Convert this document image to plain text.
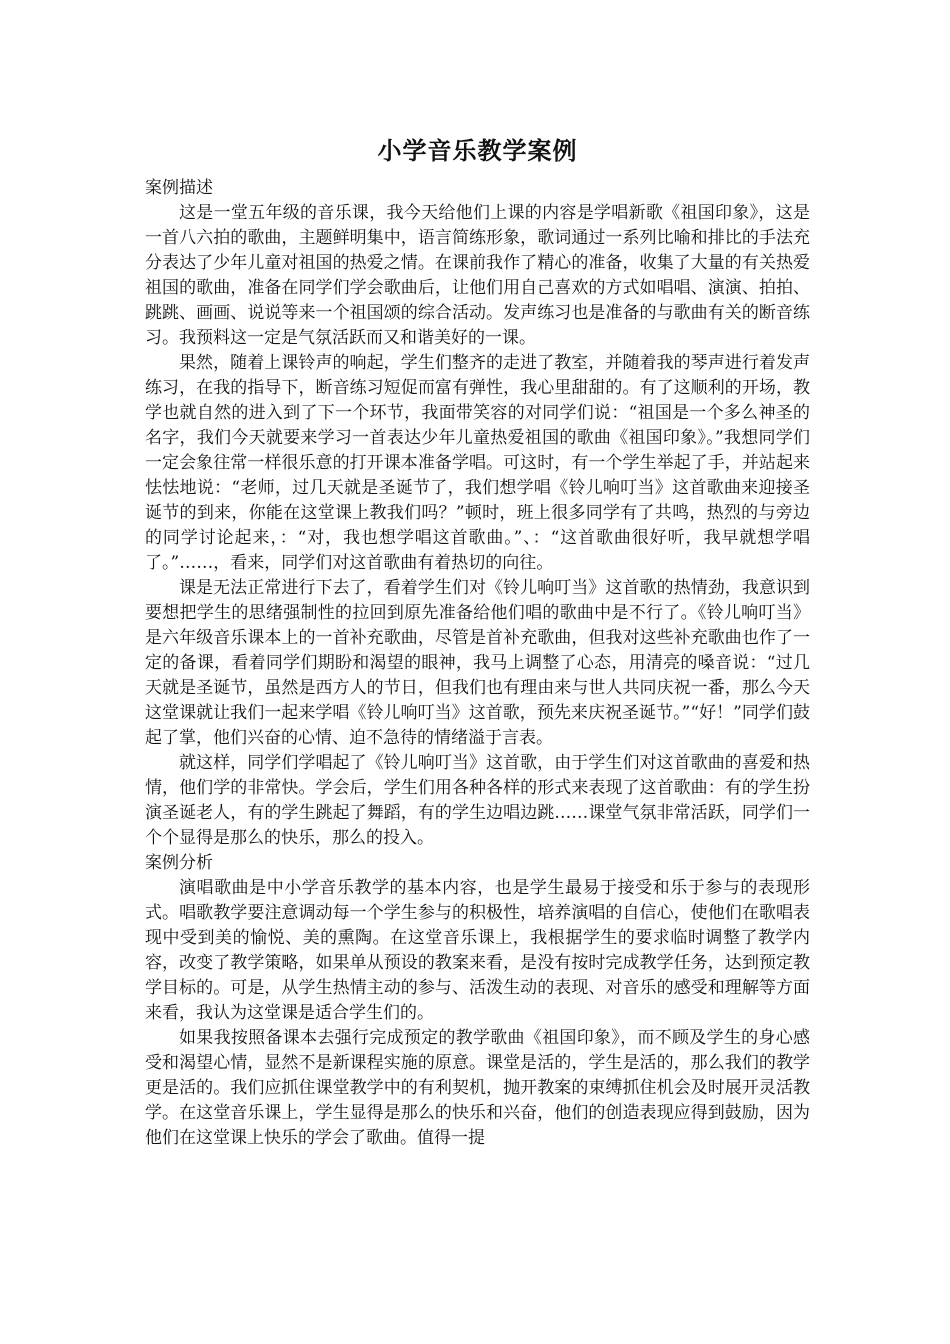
小学音乐教学案例
案例描述

这是一堂五年级的音乐课，我今天给他们上课的内容是学唱新歌《祖国印象》，这是一首八六拍的歌曲，主题鲜明集中，语言简练形象，歌词通过一系列比喻和排比的手法充分表达了少年儿童对祖国的热爱之情。在课前我作了精心的准备，收集了大量的有关热爱祖国的歌曲，准备在同学们学会歌曲后，让他们用自己喜欢的方式如唱唱、演演、拍拍、跳跳、画画、说说等来一个祖国颂的综合活动。发声练习也是准备的与歌曲有关的断音练习。我预料这一定是气氛活跃而又和谐美好的一课。

果然，随着上课铃声的响起，学生们整齐的走进了教室，并随着我的琴声进行着发声练习，在我的指导下，断音练习短促而富有弹性，我心里甜甜的。有了这顺利的开场，教学也就自然的进入到了下一个环节，我面带笑容的对同学们说：“祖国是一个多么神圣的名字，我们今天就要来学习一首表达少年儿童热爱祖国的歌曲《祖国印象》。”我想同学们一定会象往常一样很乐意的打开课本准备学唱。可这时，有一个学生举起了手，并站起来怯怯地说：“老师，过几天就是圣诞节了，我们想学唱《铃儿响叮当》这首歌曲来迎接圣诞节的到来，你能在这堂课上教我们吗？”顿时，班上很多同学有了共鸣，热烈的与旁边的同学讨论起来，：“对，我也想学唱这首歌曲。”、：“这首歌曲很好听，我早就想学唱了。”……，看来，同学们对这首歌曲有着热切的向往。

课是无法正常进行下去了，看着学生们对《铃儿响叮当》这首歌的热情劲，我意识到要想把学生的思绪强制性的拉回到原先准备给他们唱的歌曲中是不行了。《铃儿响叮当》是六年级音乐课本上的一首补充歌曲，尽管是首补充歌曲，但我对这些补充歌曲也作了一定的备课，看着同学们期盼和渴望的眼神，我马上调整了心态，用清亮的嗓音说：“过几天就是圣诞节，虽然是西方人的节日，但我们也有理由来与世人共同庆祝一番，那么今天这堂课就让我们一起来学唱《铃儿响叮当》这首歌，预先来庆祝圣诞节。”“好！”同学们鼓起了掌，他们兴奋的心情、迫不急待的情绪溢于言表。

就这样，同学们学唱起了《铃儿响叮当》这首歌，由于学生们对这首歌曲的喜爱和热情，他们学的非常快。学会后，学生们用各种各样的形式来表现了这首歌曲：有的学生扮演圣诞老人，有的学生跳起了舞蹈，有的学生边唱边跳……课堂气氛非常活跃，同学们一个个显得是那么的快乐，那么的投入。

案例分析

演唱歌曲是中小学音乐教学的基本内容，也是学生最易于接受和乐于参与的表现形式。唱歌教学要注意调动每一个学生参与的积极性，培养演唱的自信心，使他们在歌唱表现中受到美的愉悦、美的熏陶。在这堂音乐课上，我根据学生的要求临时调整了教学内容，改变了教学策略，如果单从预设的教案来看，是没有按时完成教学任务，达到预定教学目标的。可是，从学生热情主动的参与、活泼生动的表现、对音乐的感受和理解等方面来看，我认为这堂课是适合学生们的。

如果我按照备课本去强行完成预定的教学歌曲《祖国印象》，而不顾及学生的身心感受和渴望心情，显然不是新课程实施的原意。课堂是活的，学生是活的，那么我们的教学更是活的。我们应抓住课堂教学中的有利契机，抛开教案的束缚抓住机会及时展开灵活教学。在这堂音乐课上，学生显得是那么的快乐和兴奋，他们的创造表现应得到鼓励，因为他们在这堂课上快乐的学会了歌曲。值得一提
